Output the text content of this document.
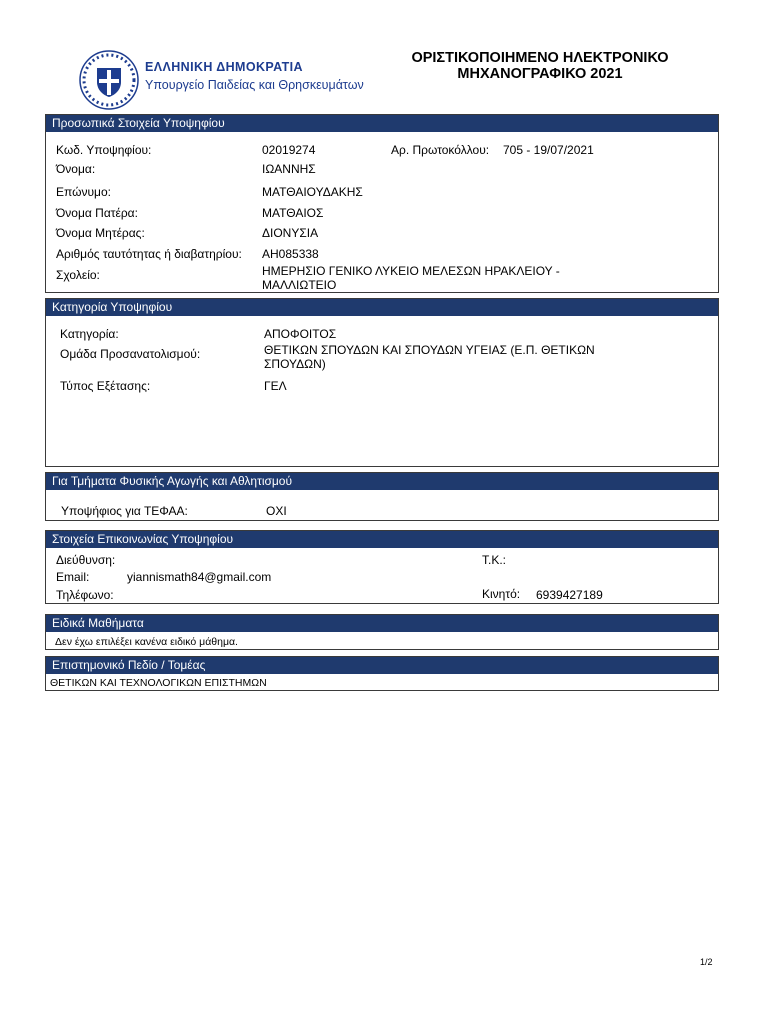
ΕΛΛΗΝΙΚΗ ΔΗΜΟΚΡΑΤΙΑ
Υπουργείο Παιδείας και Θρησκευμάτων
ΟΡΙΣΤΙΚΟΠΟΙΗΜΕΝΟ ΗΛΕΚΤΡΟΝΙΚΟ
ΜΗΧΑΝΟΓΡΑΦΙΚΟ 2021
Προσωπικά Στοιχεία Υποψηφίου
Κωδ. Υποψηφίου:	02019274	Αρ. Πρωτοκόλλου: 705 - 19/07/2021
Όνομα:	ΙΩΑΝΝΗΣ
Επώνυμο:	ΜΑΤΘΑΙΟΥΔΑΚΗΣ
Όνομα Πατέρα:	ΜΑΤΘΑΙΟΣ
Όνομα Μητέρας:	ΔΙΟΝΥΣΙΑ
Αριθμός ταυτότητας ή διαβατηρίου: ΑΗ085338
Σχολείο:	ΗΜΕΡΗΣΙΟ ΓΕΝΙΚΟ ΛΥΚΕΙΟ ΜΕΛΕΣΩΝ ΗΡΑΚΛΕΙΟΥ -
ΜΑΛΛΙΩΤΕΙΟ
Κατηγορία Υποψηφίου
Κατηγορία:	ΑΠΟΦΟΙΤΟΣ
Ομάδα Προσανατολισμού:	ΘΕΤΙΚΩΝ ΣΠΟΥΔΩΝ ΚΑΙ ΣΠΟΥΔΩΝ ΥΓΕΙΑΣ (Ε.Π. ΘΕΤΙΚΩΝ
ΣΠΟΥΔΩΝ)
Τύπος Εξέτασης:	ΓΕΛ
Για Τμήματα Φυσικής Αγωγής και Αθλητισμού
Υποψήφιος για ΤΕΦΑΑ:	ΟΧΙ
Στοιχεία Επικοινωνίας Υποψηφίου
Διεύθυνση:	Τ.Κ.:
Email:	yiannismath84@gmail.com
Τηλέφωνο:	Κινητό: 6939427189
Ειδικά Μαθήματα
Δεν έχω επιλέξει κανένα ειδικό μάθημα.
Επιστημονικό Πεδίο / Τομέας
ΘΕΤΙΚΩΝ ΚΑΙ ΤΕΧΝΟΛΟΓΙΚΩΝ ΕΠΙΣΤΗΜΩΝ
1/2
